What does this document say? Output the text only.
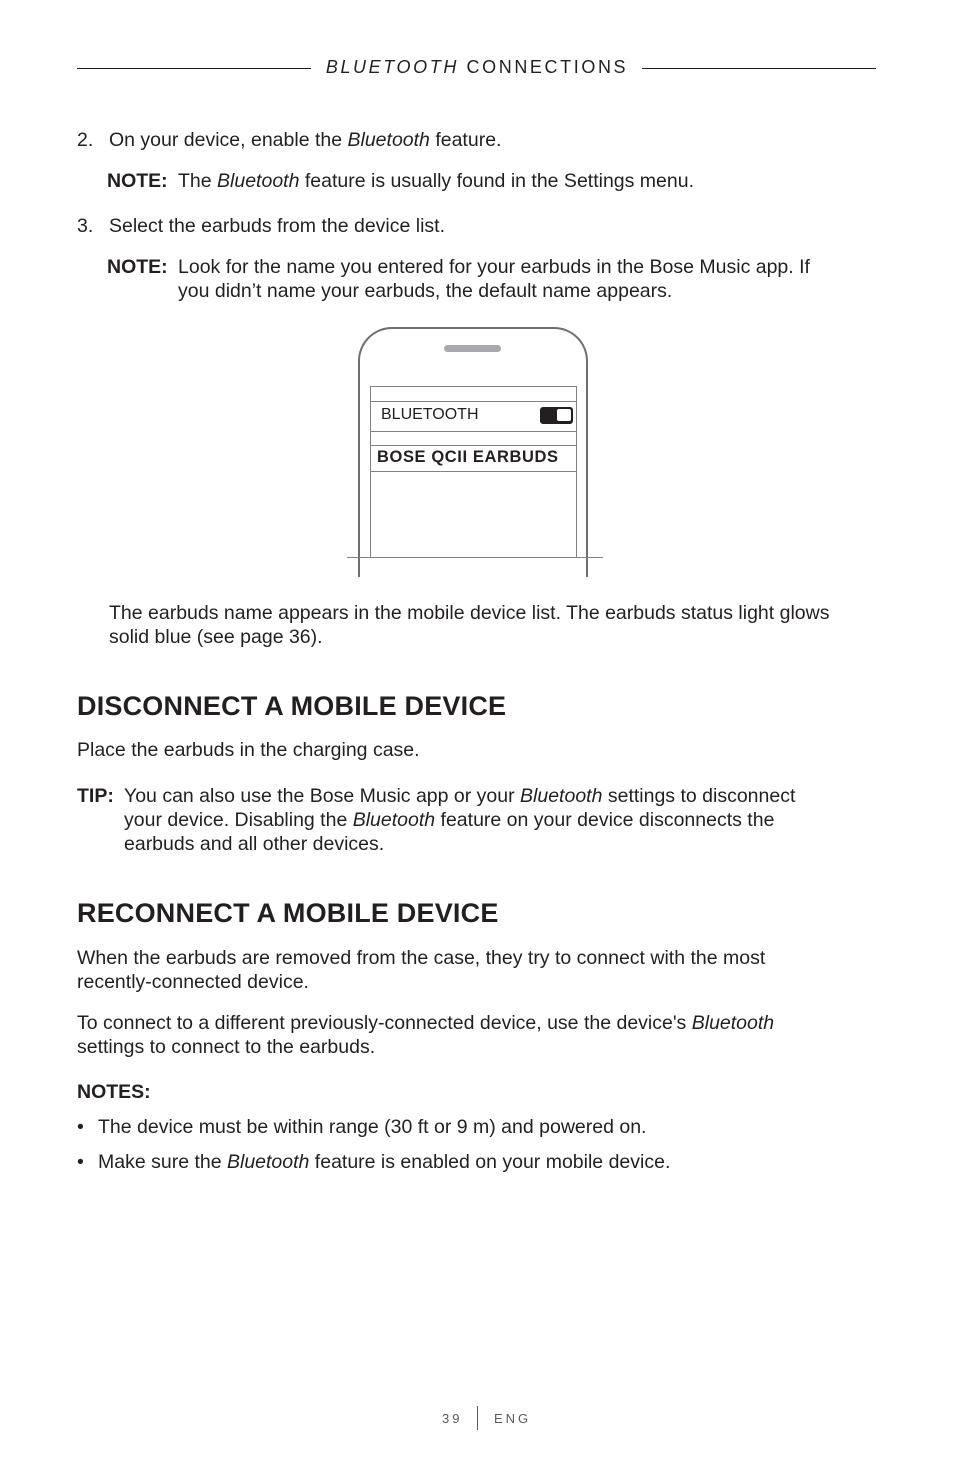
BLUETOOTH CONNECTIONS
2. On your device, enable the Bluetooth feature.
NOTE: The Bluetooth feature is usually found in the Settings menu.
3. Select the earbuds from the device list.
NOTE: Look for the name you entered for your earbuds in the Bose Music app. If
you didn’t name your earbuds, the default name appears.
BLUETOOTH
BOSE QCII EARBUDS
The earbuds name appears in the mobile device list. The earbuds status light glows
solid blue (see page 36).
DISCONNECT A MOBILE DEVICE
Place the earbuds in the charging case.
TIP: You can also use the Bose Music app or your Bluetooth settings to disconnect
your device. Disabling the Bluetooth feature on your device disconnects the
earbuds and all other devices.
RECONNECT A MOBILE DEVICE
When the earbuds are removed from the case, they try to connect with the most
recently-connected device.
To connect to a different previously-connected device, use the device's Bluetooth
settings to connect to the earbuds.
NOTES:
• The device must be within range (30 ft or 9 m) and powered on.
• Make sure the Bluetooth feature is enabled on your mobile device.
39 ENG
